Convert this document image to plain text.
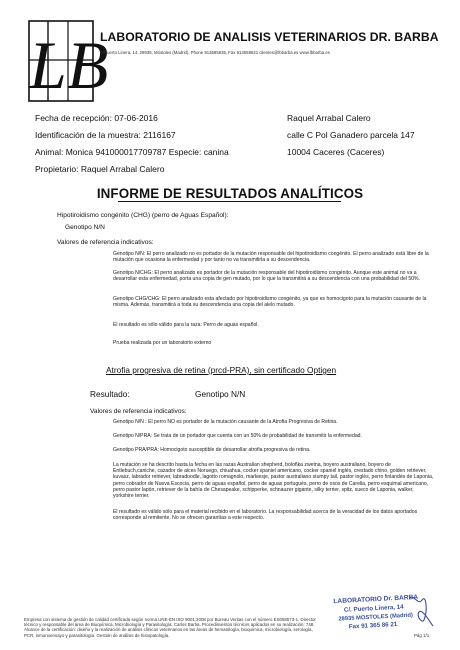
LB
LABORATORIO DE ANALISIS VETERINARIOS DR. BARBA
C/Puerto Linera, 14. 28935, Móstoles (Madrid). Phone 913685635, Fax 913658621 clientes@lbbarba.es www.lbbarba.es
Fecha de recepción: 07-06-2016
Identificación de la muestra: 2116167
Animal: Monica 941000017709787 Especie: canina
Propietario: Raquel Arrabal Calero
Raquel Arrabal Calero
calle C Pol Ganadero parcela 147
10004 Caceres (Caceres)
INFORME DE RESULTADOS ANALÍTICOS
Hipotiroidismo congénito (CHG) (perro de Aguas Español):
Genotipo N/N
Valores de referencia indicativos:

Genotipo N/N: El perro analizado no es portador de la mutación responsable del hipotiroidismo congénito. El perro analizado está libre de la mutación que ocasiona la enfermedad y por tanto no va transmitirla a su descendencia.

Genotipo N/CHG: El perro analizado es portador de la mutación responsable del hipotiroidismo congénito. Aunque este animal no va a desarrollar esta enfermedad, porta una copia de gen mutado, por lo que la transmitirá a su descendencia con una probabilidad del 50%.

Genotipo CHG/CHG: El perro analizado esta afectado por hipotiroidismo congénito, ya que es homocigoto para la mutación causante de la misma. Además, transmitirá a toda su descendencia una copia del alelo mutado.

El resultado es sólo válido para la raza: Perro de aguas español.

Prueba realizada por un laboratorio externo

Atrofia progresiva de retina (prcd-PRA), sin certificado Optigen
Resultado:	Genotipo N/N
Valores de referencia indicativos:

Genotipo N/N : El perro NO es portador de la mutación causante de la Atrofia Progresiva de Retina.

Genotipo N/PRA: Se trata de un portador que cuenta con un 50% de probabilidad de transmitir la enfermedad.

Genotipo PRA/PRA: Homocigoto susceptible de desarrollar atrofia progresiva de retina.

La mutación se ha descrito hasta la fecha en las razas Australian shepherd, boloñka zwetna, boyero australiano, boyero de Entlebuch,caniche, cazador de alces Noruego, chiuahua, cocker spaniel americano, cocker spaniel inglés, crestado chino, golden retriever, kuvasz, labrador retriever, labradoodle, lagotto romagnolo, markiesje, pastor australiano stumpy tail, pastor inglés, perro finlandés de Laponia, perro cobrador de Nueva Escocia, perro de aguas español, perro de aguas portugués, perro de osos de Carelia, perro esquimal americano, perro pastor lapón, retriever de la bahía de Chesapeake, schipperke, schnauzer gigante, silky terrier, spitz, sueco de Laponia, walker, yorkshire terrier.

El resultado es válido sólo para el material recibido en el laboratorio. La responsabilidad acerca de la veracidad de los datos aportados corresponde al remitente. No se ofrecen garantías a este respecto.

Empresa con sistema de gestión de calidad certificada según norma UNE-EN ISO 9001:2008 por Bureau Veritas con el número ES058573-1. Director técnico y responsable del área de Bioquímica, Microbiología y Parasitología: Carlos Barba. Procedimientos técnicos aplicados en su realización: 748. Alcance de la certificación: diseño y la realización de análisis clínicos veterinarios en las áreas de hematología, bioquímica, microbiología, serología, PCR, inmunoensayo y parasitología. Gestión de análisis de histopatología.
LABORATORIO Dr. BARBA
C/. Puerto Linera, 14
28935 MOSTOLES (Madrid)
Fax 91 365 86 21
Pág 1/1
